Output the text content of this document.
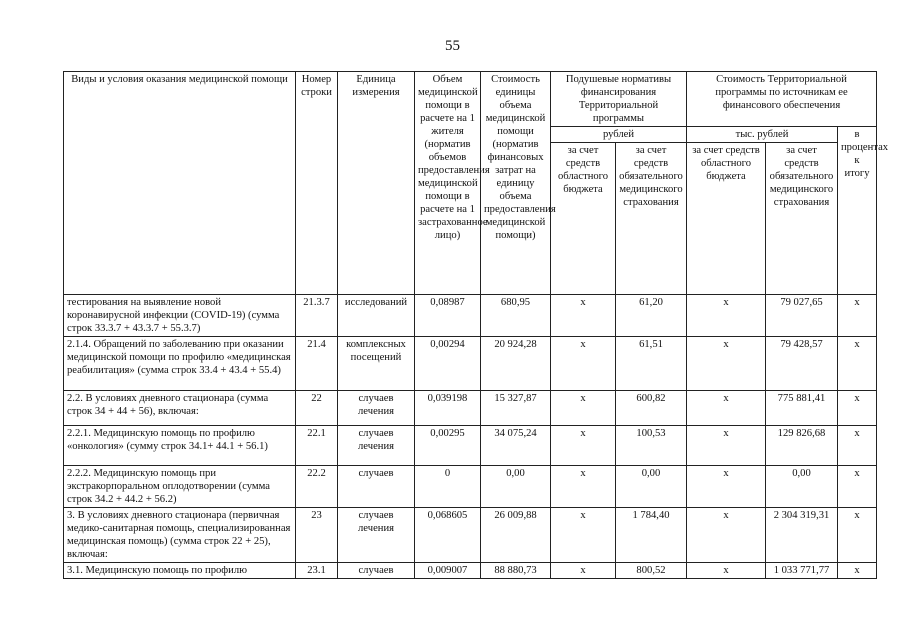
55
Виды и условия оказания медицинской помощи	Номер строки	Единица измерения	Объем медицинской помощи в расчете на 1 жителя (норматив объемов предоставления медицинской помощи в расчете на 1 застрахованное лицо)	Стоимость единицы объема медицинской помощи (норматив финансовых затрат на единицу объема предоставления медицинской помощи)	Подушевые нормативы финансирования Территориальной программы		Стоимость Территориальной программы по источникам ее финансового обеспечения		
					рублей		тыс. рублей		в процентах к итогу
					за счет средств областного бюджета	за счет средств обязательного медицинского страхования	за счет средств областного бюджета	за счет средств обязательного медицинского страхования	
тестирования на выявление новой коронавирусной инфекции (COVID-19) (сумма строк 33.3.7 + 43.3.7 + 55.3.7)	21.3.7	исследований	0,08987	680,95	х	61,20	х	79 027,65	х
2.1.4. Обращений по заболеванию при оказании медицинской помощи по профилю «медицинская реабилитация» (сумма строк 33.4 + 43.4 + 55.4)	21.4	комплексных посещений	0,00294	20 924,28	х	61,51	х	79 428,57	х
2.2. В условиях дневного стационара (сумма строк 34 + 44 + 56), включая:	22	случаев лечения	0,039198	15 327,87	х	600,82	х	775 881,41	х
2.2.1. Медицинскую помощь по профилю «онкология» (сумму строк 34.1+ 44.1 + 56.1)	22.1	случаев лечения	0,00295	34 075,24	х	100,53	х	129 826,68	х
2.2.2. Медицинскую помощь при экстракорпоральном оплодотворении (сумма строк 34.2 + 44.2 + 56.2)	22.2	случаев	0	0,00	х	0,00	х	0,00	х
3. В условиях дневного стационара (первичная медико-санитарная помощь, специализированная медицинская помощь) (сумма строк 22 + 25), включая:	23	случаев лечения	0,068605	26 009,88	х	1 784,40	х	2 304 319,31	х
3.1. Медицинскую помощь по профилю	23.1	случаев	0,009007	88 880,73	х	800,52	х	1 033 771,77	х
